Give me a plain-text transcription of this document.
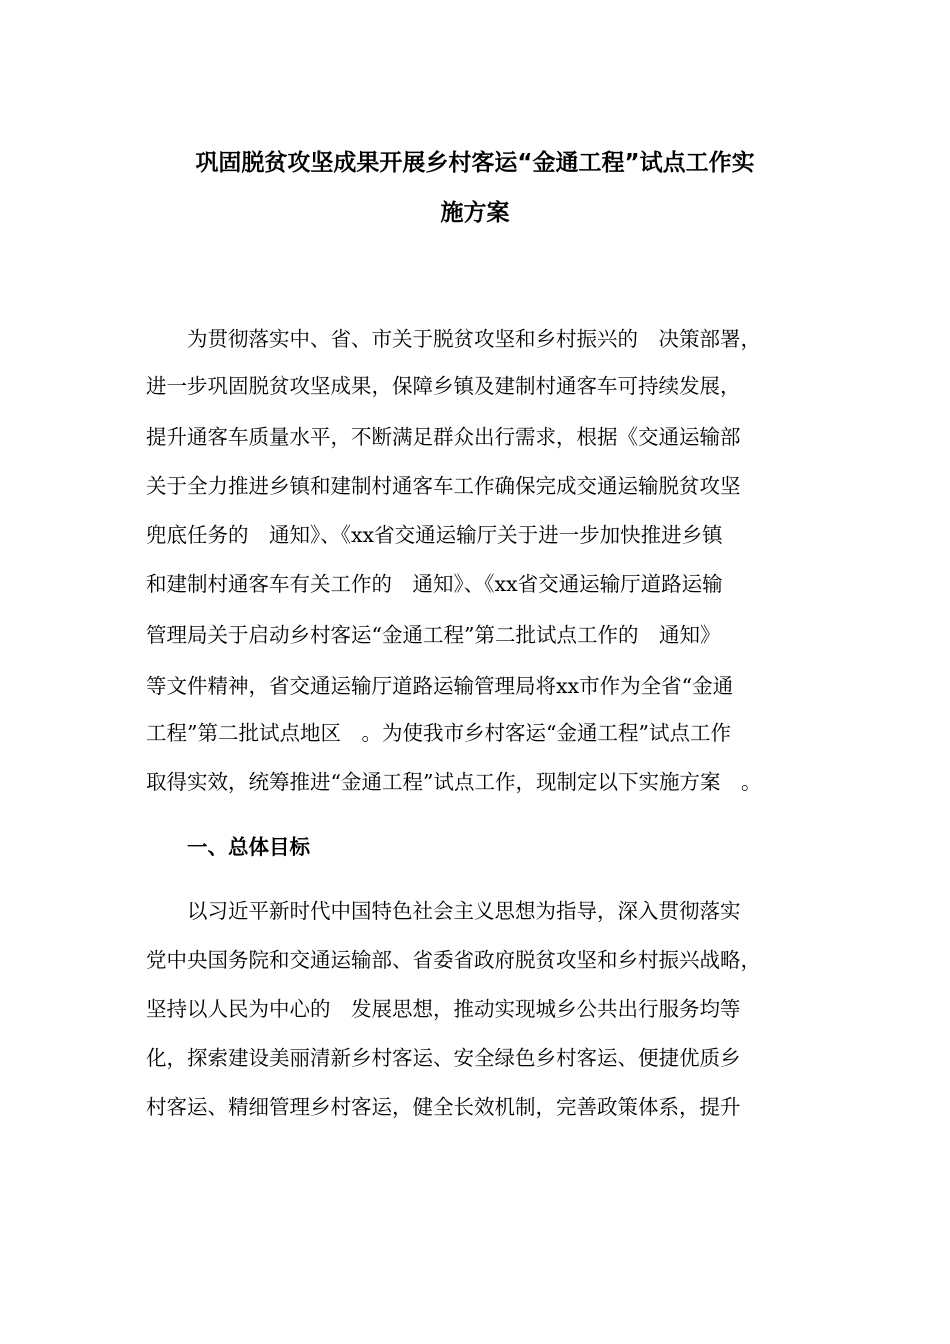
巩固脱贫攻坚成果开展乡村客运“金通工程”试点工作实
施方案
　　为贯彻落实中、省、市关于脱贫攻坚和乡村振兴的　决策部署，
进一步巩固脱贫攻坚成果，保障乡镇及建制村通客车可持续发展，
提升通客车质量水平，不断满足群众出行需求，根据《交通运输部
关于全力推进乡镇和建制村通客车工作确保完成交通运输脱贫攻坚
兜底任务的　通知》、《xx省交通运输厅关于进一步加快推进乡镇
和建制村通客车有关工作的　通知》、《xx省交通运输厅道路运输
管理局关于启动乡村客运“金通工程”第二批试点工作的　通知》
等文件精神，省交通运输厅道路运输管理局将xx市作为全省“金通
工程”第二批试点地区　。为使我市乡村客运“金通工程”试点工作
取得实效，统筹推进“金通工程”试点工作，现制定以下实施方案　。
　　一、总体目标
　　以习近平新时代中国特色社会主义思想为指导，深入贯彻落实
党中央国务院和交通运输部、省委省政府脱贫攻坚和乡村振兴战略，
坚持以人民为中心的　发展思想，推动实现城乡公共出行服务均等
化，探索建设美丽清新乡村客运、安全绿色乡村客运、便捷优质乡
村客运、精细管理乡村客运，健全长效机制，完善政策体系，提升
